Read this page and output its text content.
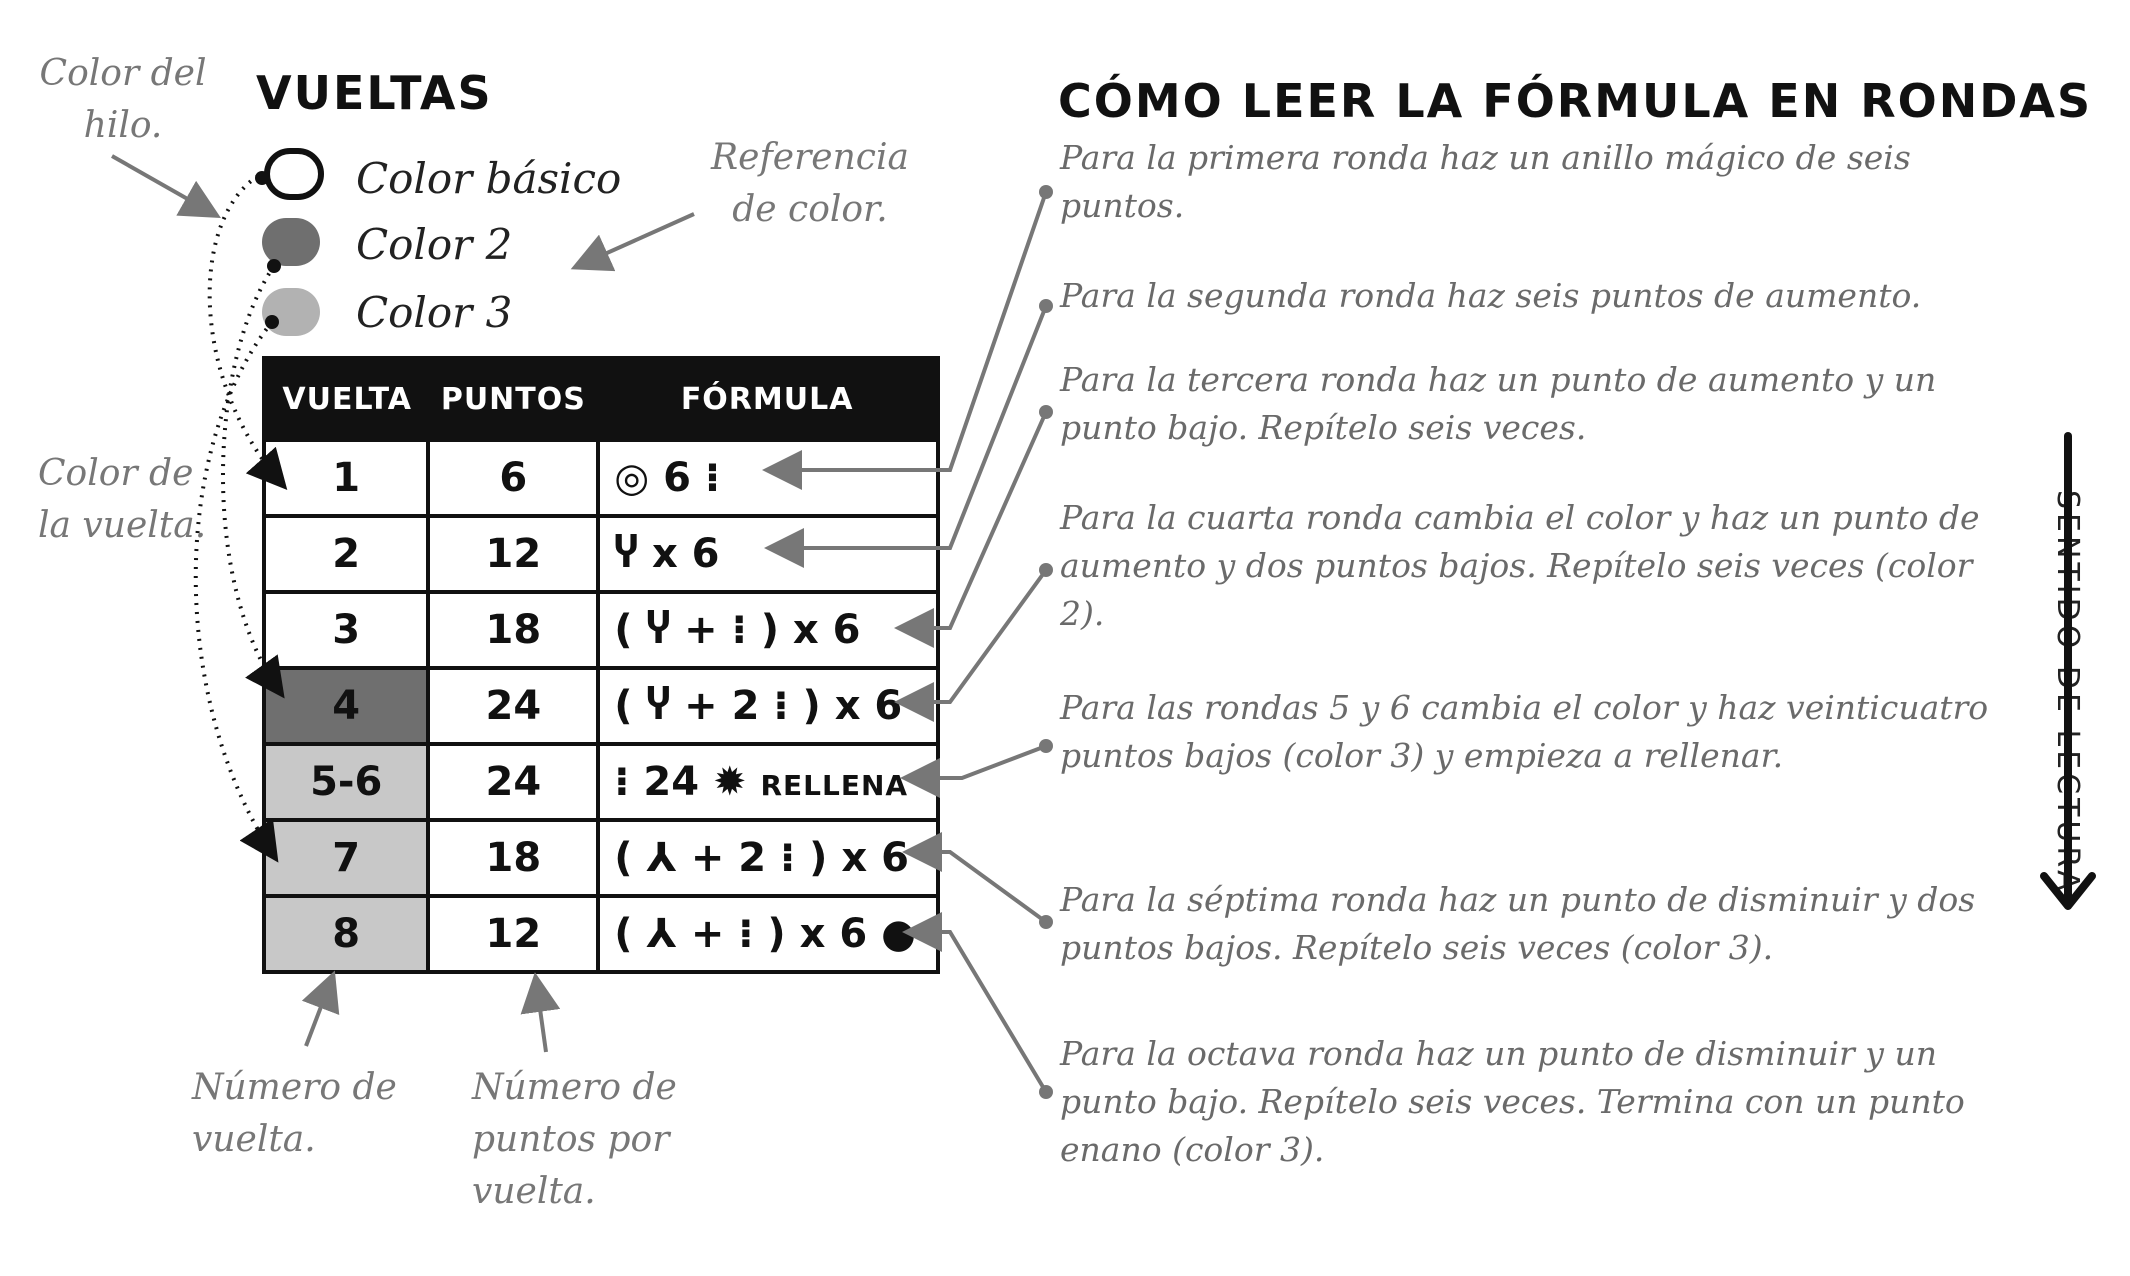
VUELTAS	CÓMO LEER LA FÓRMULA EN RONDAS
Color del hilo.
Referencia de color.
Color de la vuelta.
Número de vuelta.
Número de puntos por vuelta.
Color básico
Color 2
Color 3
VUELTA	PUNTOS	FÓRMULA
1	6	◎ 6 ⁝
2	12	Ⴤ x 6
3	18	( Ⴤ + ⁝ ) x 6
4	24	( Ⴤ + 2 ⁝ ) x 6
5-6	24	⁝ 24 ✹ RELLENA
7	18	( ⅄ + 2 ⁝ ) x 6
8	12	( ⅄ + ⁝ ) x 6 ●–
Para la primera ronda haz un anillo mágico de seis puntos.
Para la segunda ronda haz seis puntos de aumento.
Para la tercera ronda haz un punto de aumento y un punto bajo. Repítelo seis veces.
Para la cuarta ronda cambia el color y haz un punto de aumento y dos puntos bajos. Repítelo seis veces (color 2).
Para las rondas 5 y 6 cambia el color y haz veinticuatro puntos bajos (color 3) y empieza a rellenar.
Para la séptima ronda haz un punto de disminuir y dos puntos bajos. Repítelo seis veces (color 3).
Para la octava ronda haz un punto de disminuir y un punto bajo. Repítelo seis veces. Termina con un punto enano (color 3).
SENTIDO DE LECTURA
